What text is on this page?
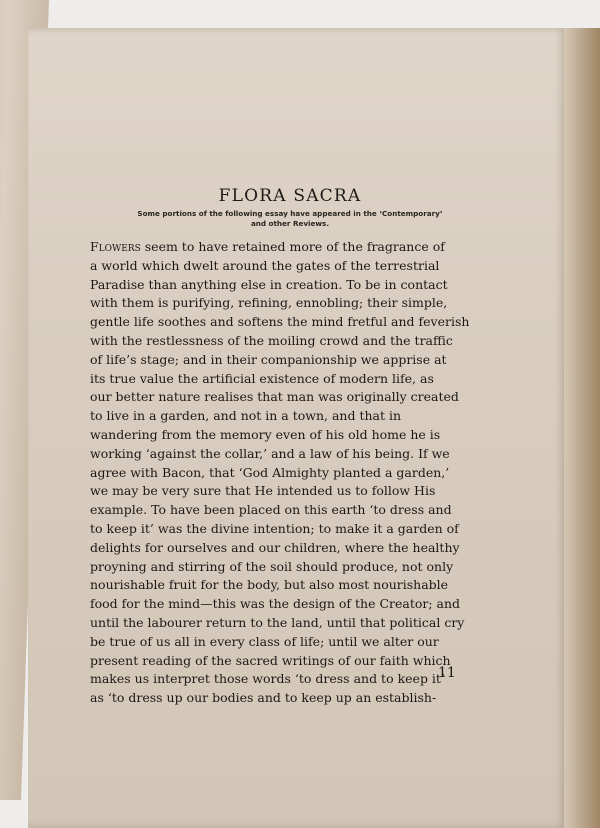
FLORA SACRA
Some portions of the following essay have appeared in the ‘Contemporary’
and other Reviews.
Flowers seem to have retained more of the fragrance of
a world which dwelt around the gates of the terrestrial
Paradise than anything else in creation. To be in contact
with them is purifying, refining, ennobling; their simple,
gentle life soothes and softens the mind fretful and feverish
with the restlessness of the moiling crowd and the traffic
of life’s stage; and in their companionship we apprise at
its true value the artificial existence of modern life, as
our better nature realises that man was originally created
to live in a garden, and not in a town, and that in
wandering from the memory even of his old home he is
working ‘against the collar,’ and a law of his being. If we
agree with Bacon, that ‘God Almighty planted a garden,’
we may be very sure that He intended us to follow His
example. To have been placed on this earth ‘to dress and
to keep it’ was the divine intention; to make it a garden of
delights for ourselves and our children, where the healthy
proyning and stirring of the soil should produce, not only
nourishable fruit for the body, but also most nourishable
food for the mind—this was the design of the Creator; and
until the labourer return to the land, until that political cry
be true of us all in every class of life; until we alter our
present reading of the sacred writings of our faith which
makes us interpret those words ‘to dress and to keep it’
as ‘to dress up our bodies and to keep up an establish-
11
